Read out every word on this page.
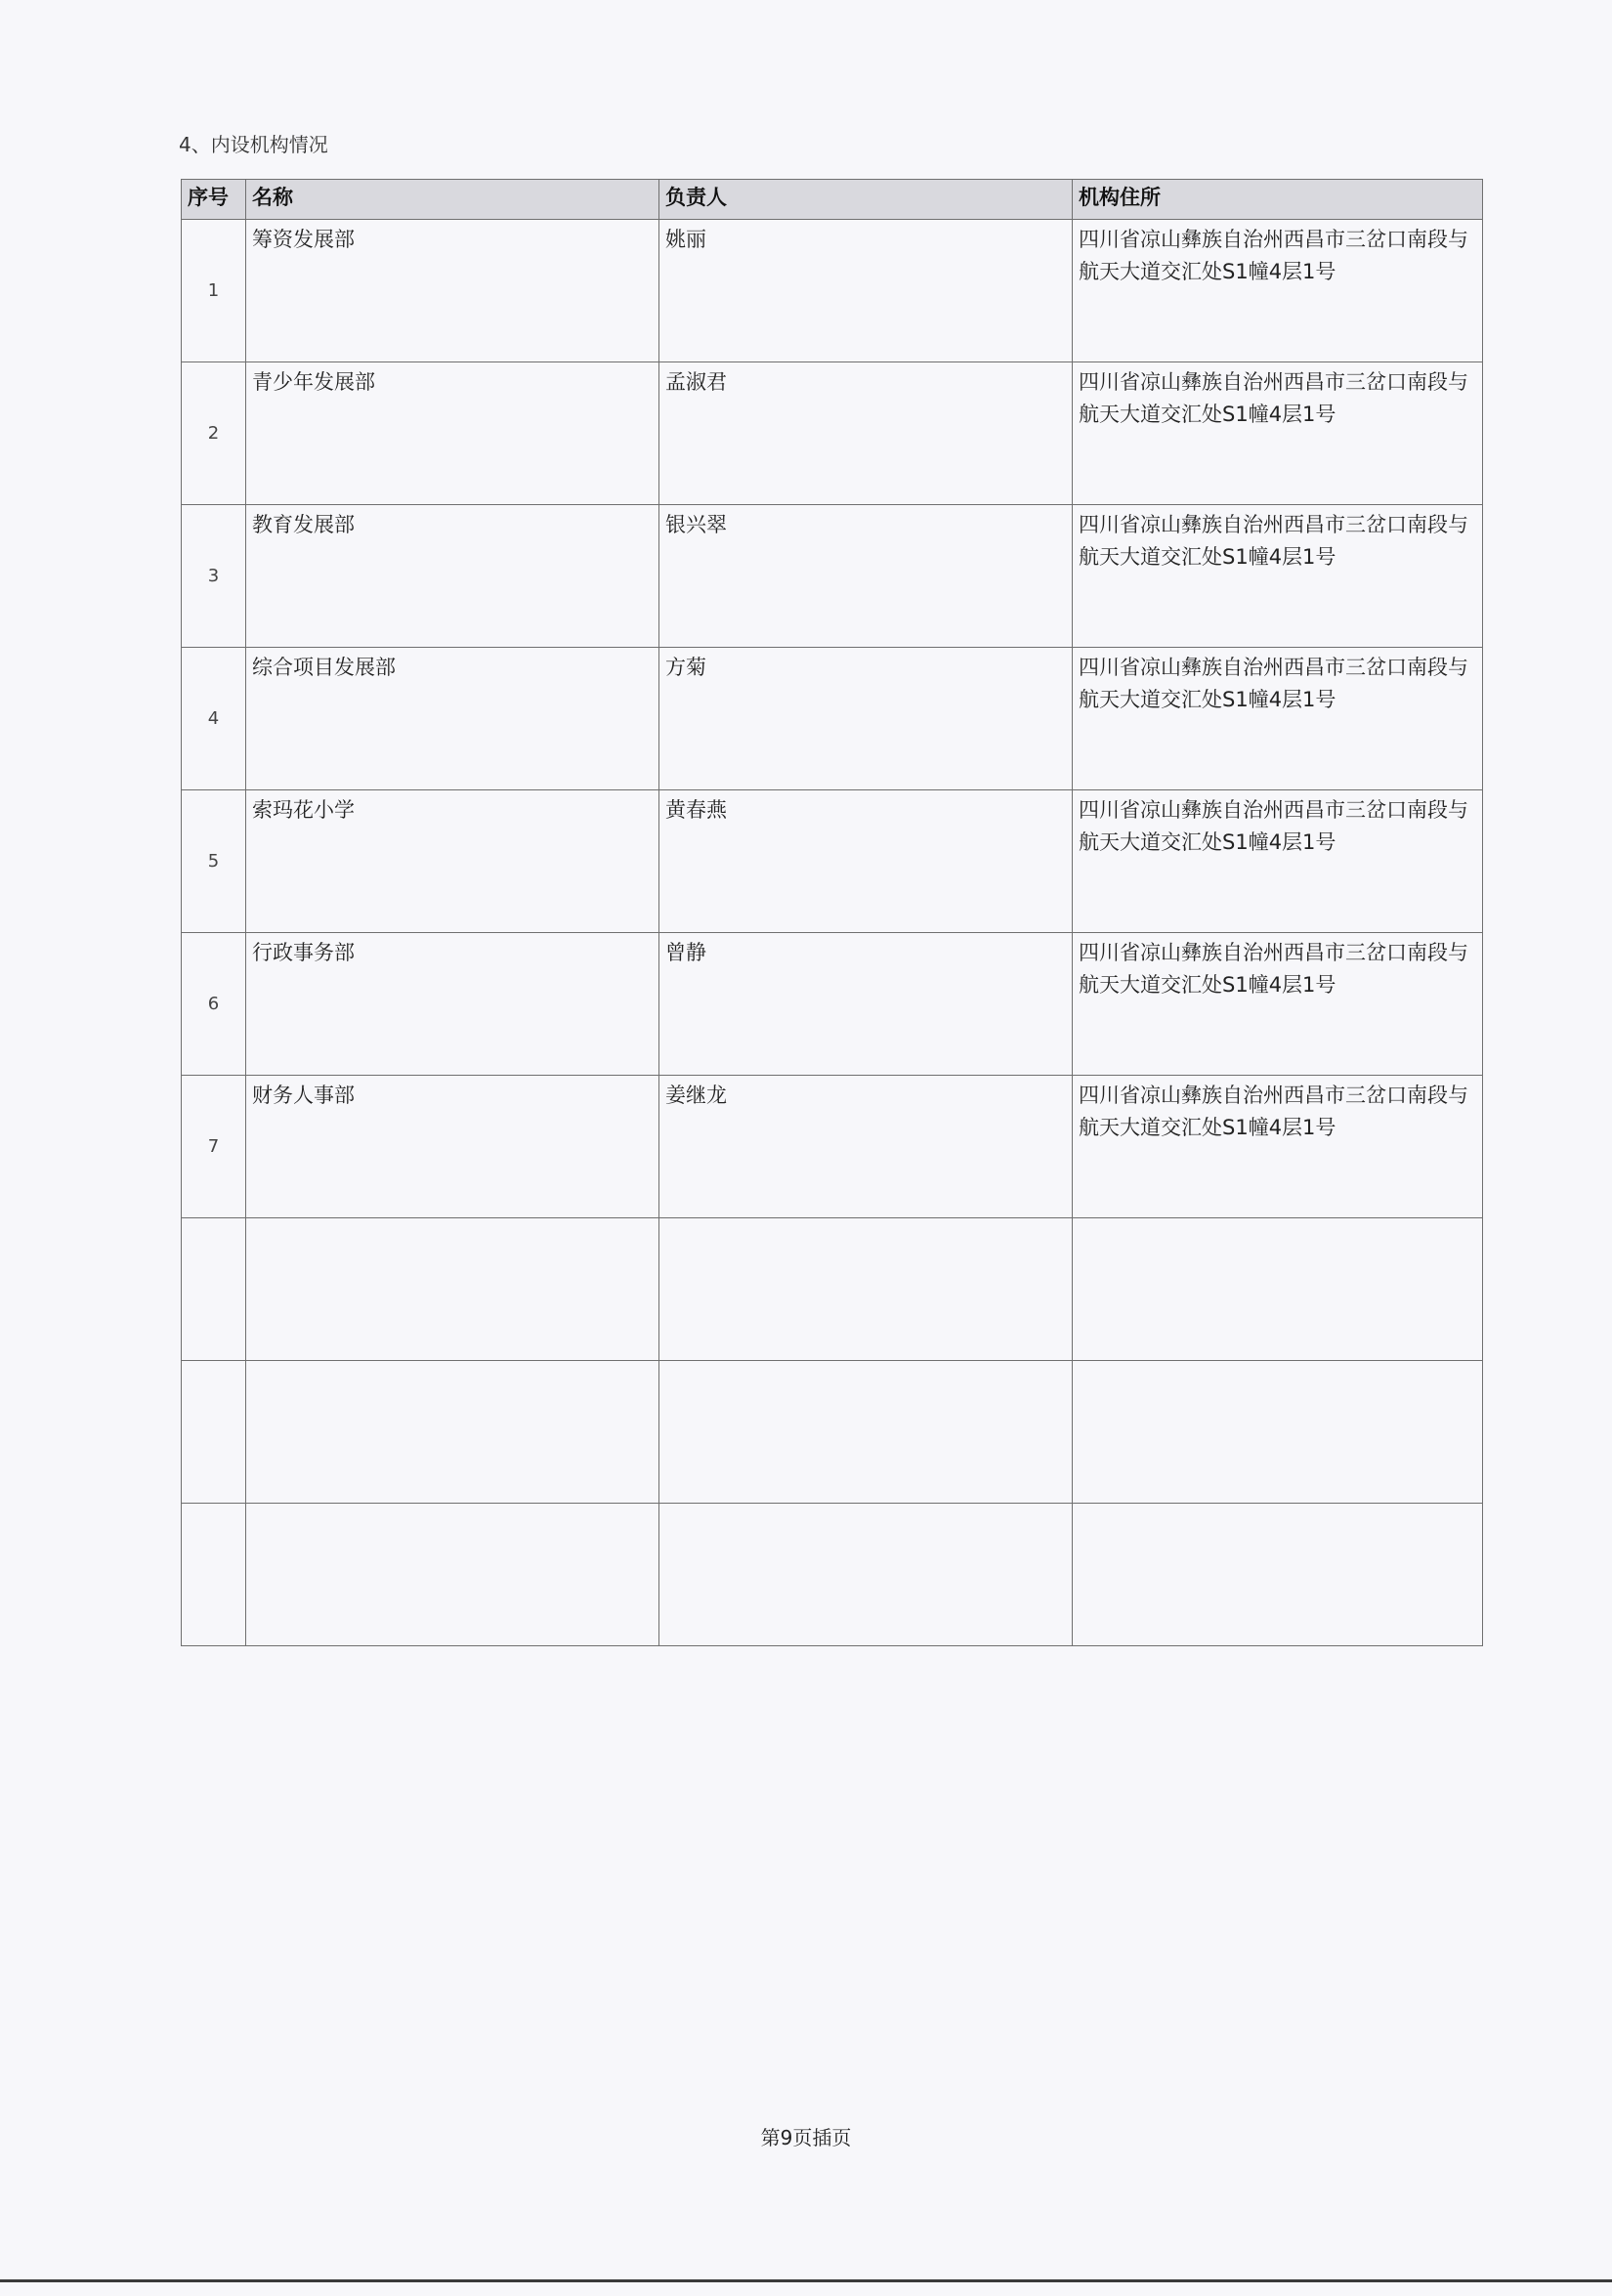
4、内设机构情况
序号	名称	负责人	机构住所
1	筹资发展部	姚丽	四川省凉山彝族自治州西昌市三岔口南段与航天大道交汇处S1幢4层1号
2	青少年发展部	孟淑君	四川省凉山彝族自治州西昌市三岔口南段与航天大道交汇处S1幢4层1号
3	教育发展部	银兴翠	四川省凉山彝族自治州西昌市三岔口南段与航天大道交汇处S1幢4层1号
4	综合项目发展部	方菊	四川省凉山彝族自治州西昌市三岔口南段与航天大道交汇处S1幢4层1号
5	索玛花小学	黄春燕	四川省凉山彝族自治州西昌市三岔口南段与航天大道交汇处S1幢4层1号
6	行政事务部	曾静	四川省凉山彝族自治州西昌市三岔口南段与航天大道交汇处S1幢4层1号
7	财务人事部	姜继龙	四川省凉山彝族自治州西昌市三岔口南段与航天大道交汇处S1幢4层1号

第9页插页
